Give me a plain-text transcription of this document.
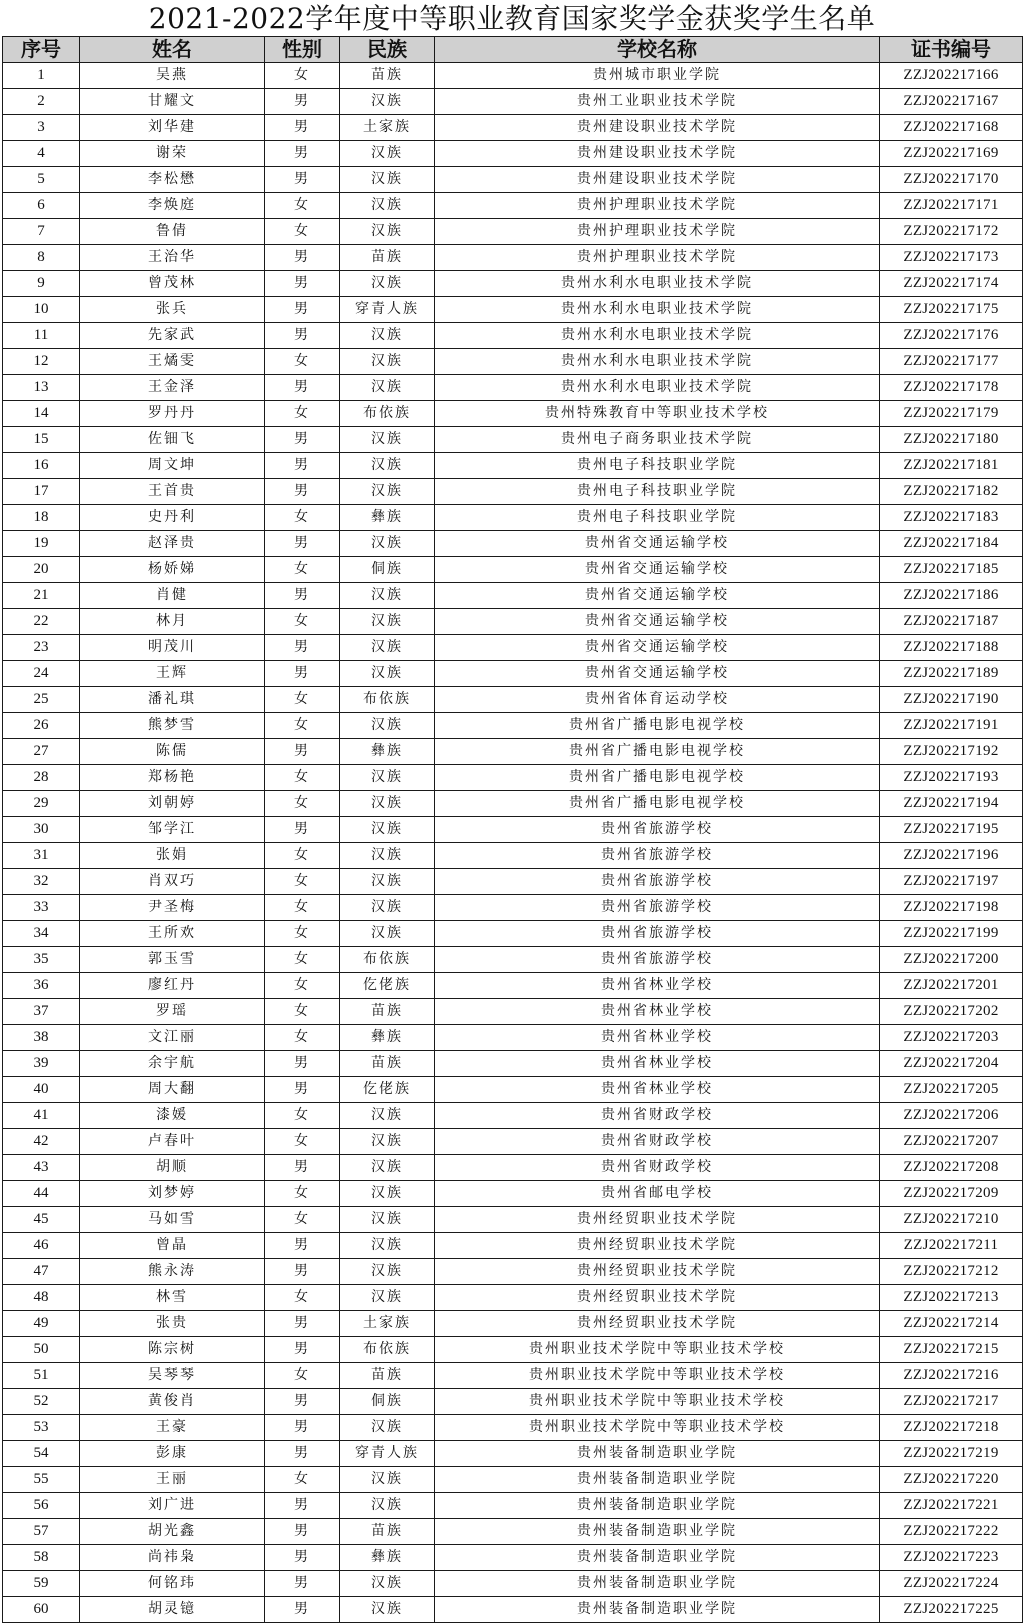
2021-2022学年度中等职业教育国家奖学金获奖学生名单
序号	姓名	性别	民族	学校名称	证书编号
1	吴燕	女	苗族	贵州城市职业学院	ZZJ202217166
2	甘耀文	男	汉族	贵州工业职业技术学院	ZZJ202217167
3	刘华建	男	土家族	贵州建设职业技术学院	ZZJ202217168
4	谢荣	男	汉族	贵州建设职业技术学院	ZZJ202217169
5	李松懋	男	汉族	贵州建设职业技术学院	ZZJ202217170
6	李焕庭	女	汉族	贵州护理职业技术学院	ZZJ202217171
7	鲁倩	女	汉族	贵州护理职业技术学院	ZZJ202217172
8	王治华	男	苗族	贵州护理职业技术学院	ZZJ202217173
9	曾茂林	男	汉族	贵州水利水电职业技术学院	ZZJ202217174
10	张兵	男	穿青人族	贵州水利水电职业技术学院	ZZJ202217175
11	先家武	男	汉族	贵州水利水电职业技术学院	ZZJ202217176
12	王燏雯	女	汉族	贵州水利水电职业技术学院	ZZJ202217177
13	王金泽	男	汉族	贵州水利水电职业技术学院	ZZJ202217178
14	罗丹丹	女	布依族	贵州特殊教育中等职业技术学校	ZZJ202217179
15	佐钿飞	男	汉族	贵州电子商务职业技术学院	ZZJ202217180
16	周文坤	男	汉族	贵州电子科技职业学院	ZZJ202217181
17	王首贵	男	汉族	贵州电子科技职业学院	ZZJ202217182
18	史丹利	女	彝族	贵州电子科技职业学院	ZZJ202217183
19	赵泽贵	男	汉族	贵州省交通运输学校	ZZJ202217184
20	杨娇娣	女	侗族	贵州省交通运输学校	ZZJ202217185
21	肖健	男	汉族	贵州省交通运输学校	ZZJ202217186
22	林月	女	汉族	贵州省交通运输学校	ZZJ202217187
23	明茂川	男	汉族	贵州省交通运输学校	ZZJ202217188
24	王辉	男	汉族	贵州省交通运输学校	ZZJ202217189
25	潘礼琪	女	布依族	贵州省体育运动学校	ZZJ202217190
26	熊梦雪	女	汉族	贵州省广播电影电视学校	ZZJ202217191
27	陈儒	男	彝族	贵州省广播电影电视学校	ZZJ202217192
28	郑杨艳	女	汉族	贵州省广播电影电视学校	ZZJ202217193
29	刘朝婷	女	汉族	贵州省广播电影电视学校	ZZJ202217194
30	邹学江	男	汉族	贵州省旅游学校	ZZJ202217195
31	张娟	女	汉族	贵州省旅游学校	ZZJ202217196
32	肖双巧	女	汉族	贵州省旅游学校	ZZJ202217197
33	尹圣梅	女	汉族	贵州省旅游学校	ZZJ202217198
34	王所欢	女	汉族	贵州省旅游学校	ZZJ202217199
35	郭玉雪	女	布依族	贵州省旅游学校	ZZJ202217200
36	廖红丹	女	仡佬族	贵州省林业学校	ZZJ202217201
37	罗瑶	女	苗族	贵州省林业学校	ZZJ202217202
38	文江丽	女	彝族	贵州省林业学校	ZZJ202217203
39	余宇航	男	苗族	贵州省林业学校	ZZJ202217204
40	周大翻	男	仡佬族	贵州省林业学校	ZZJ202217205
41	漆媛	女	汉族	贵州省财政学校	ZZJ202217206
42	卢春叶	女	汉族	贵州省财政学校	ZZJ202217207
43	胡顺	男	汉族	贵州省财政学校	ZZJ202217208
44	刘梦婷	女	汉族	贵州省邮电学校	ZZJ202217209
45	马如雪	女	汉族	贵州经贸职业技术学院	ZZJ202217210
46	曾晶	男	汉族	贵州经贸职业技术学院	ZZJ202217211
47	熊永涛	男	汉族	贵州经贸职业技术学院	ZZJ202217212
48	林雪	女	汉族	贵州经贸职业技术学院	ZZJ202217213
49	张贵	男	土家族	贵州经贸职业技术学院	ZZJ202217214
50	陈宗树	男	布依族	贵州职业技术学院中等职业技术学校	ZZJ202217215
51	吴琴琴	女	苗族	贵州职业技术学院中等职业技术学校	ZZJ202217216
52	黄俊肖	男	侗族	贵州职业技术学院中等职业技术学校	ZZJ202217217
53	王豪	男	汉族	贵州职业技术学院中等职业技术学校	ZZJ202217218
54	彭康	男	穿青人族	贵州装备制造职业学院	ZZJ202217219
55	王丽	女	汉族	贵州装备制造职业学院	ZZJ202217220
56	刘广进	男	汉族	贵州装备制造职业学院	ZZJ202217221
57	胡光鑫	男	苗族	贵州装备制造职业学院	ZZJ202217222
58	尚祎枭	男	彝族	贵州装备制造职业学院	ZZJ202217223
59	何铭玮	男	汉族	贵州装备制造职业学院	ZZJ202217224
60	胡灵镱	男	汉族	贵州装备制造职业学院	ZZJ202217225
